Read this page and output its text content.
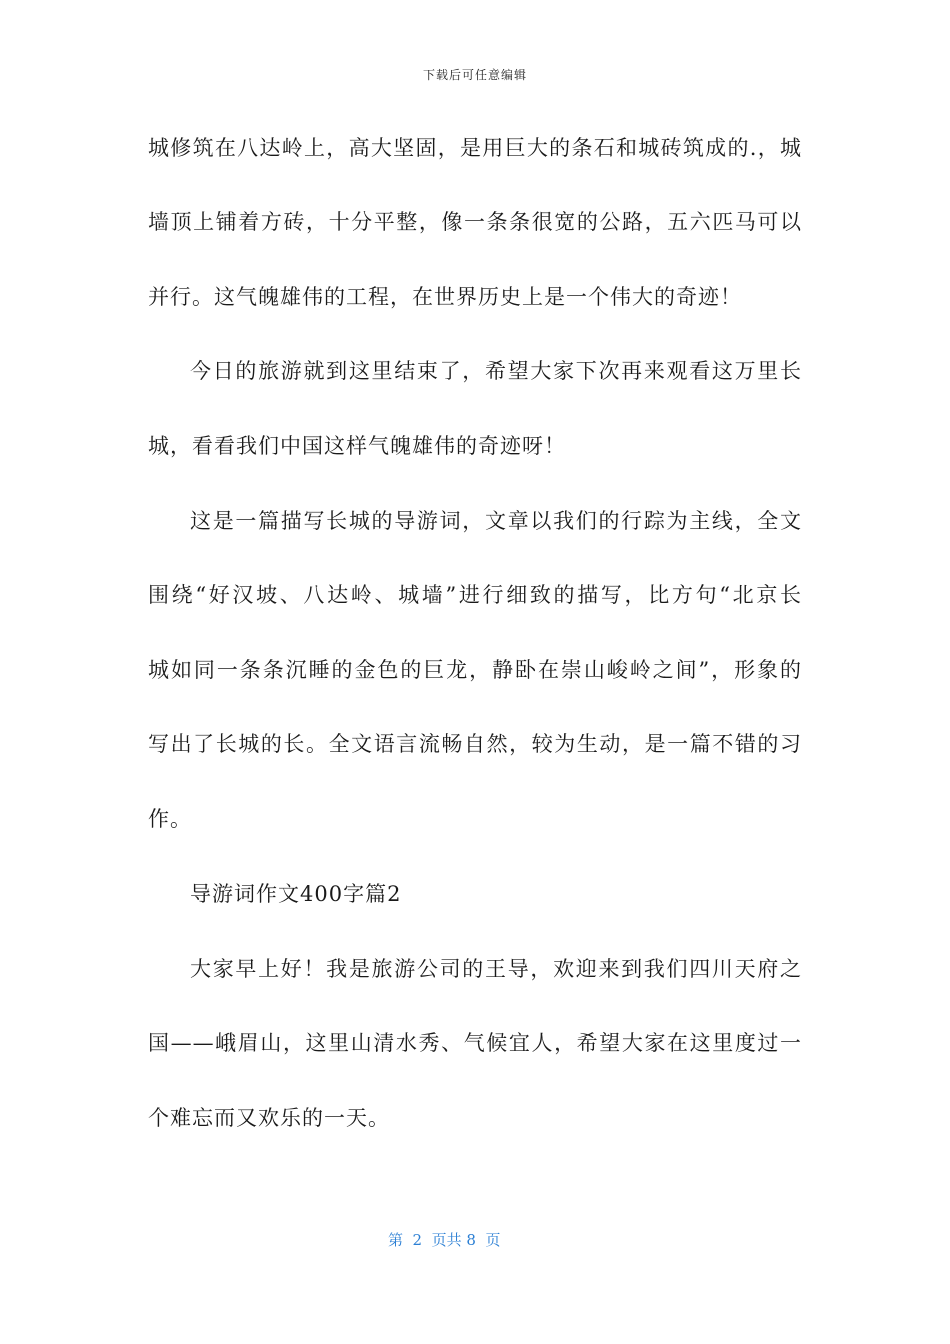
下载后可任意编辑
城修筑在八达岭上，高大坚固，是用巨大的条石和城砖筑成的.，城
墙顶上铺着方砖，十分平整，像一条条很宽的公路，五六匹马可以
并行。这气魄雄伟的工程，在世界历史上是一个伟大的奇迹！
今日的旅游就到这里结束了，希望大家下次再来观看这万里长
城，看看我们中国这样气魄雄伟的奇迹呀！
这是一篇描写长城的导游词，文章以我们的行踪为主线，全文
围绕“好汉坡、八达岭、城墙”进行细致的描写，比方句“北京长
城如同一条条沉睡的金色的巨龙，静卧在崇山峻岭之间”，形象的
写出了长城的长。全文语言流畅自然，较为生动，是一篇不错的习
作。
导游词作文400字篇2
大家早上好！我是旅游公司的王导，欢迎来到我们四川天府之
国——峨眉山，这里山清水秀、气候宜人，希望大家在这里度过一
个难忘而又欢乐的一天。
第  2  页共 8  页
